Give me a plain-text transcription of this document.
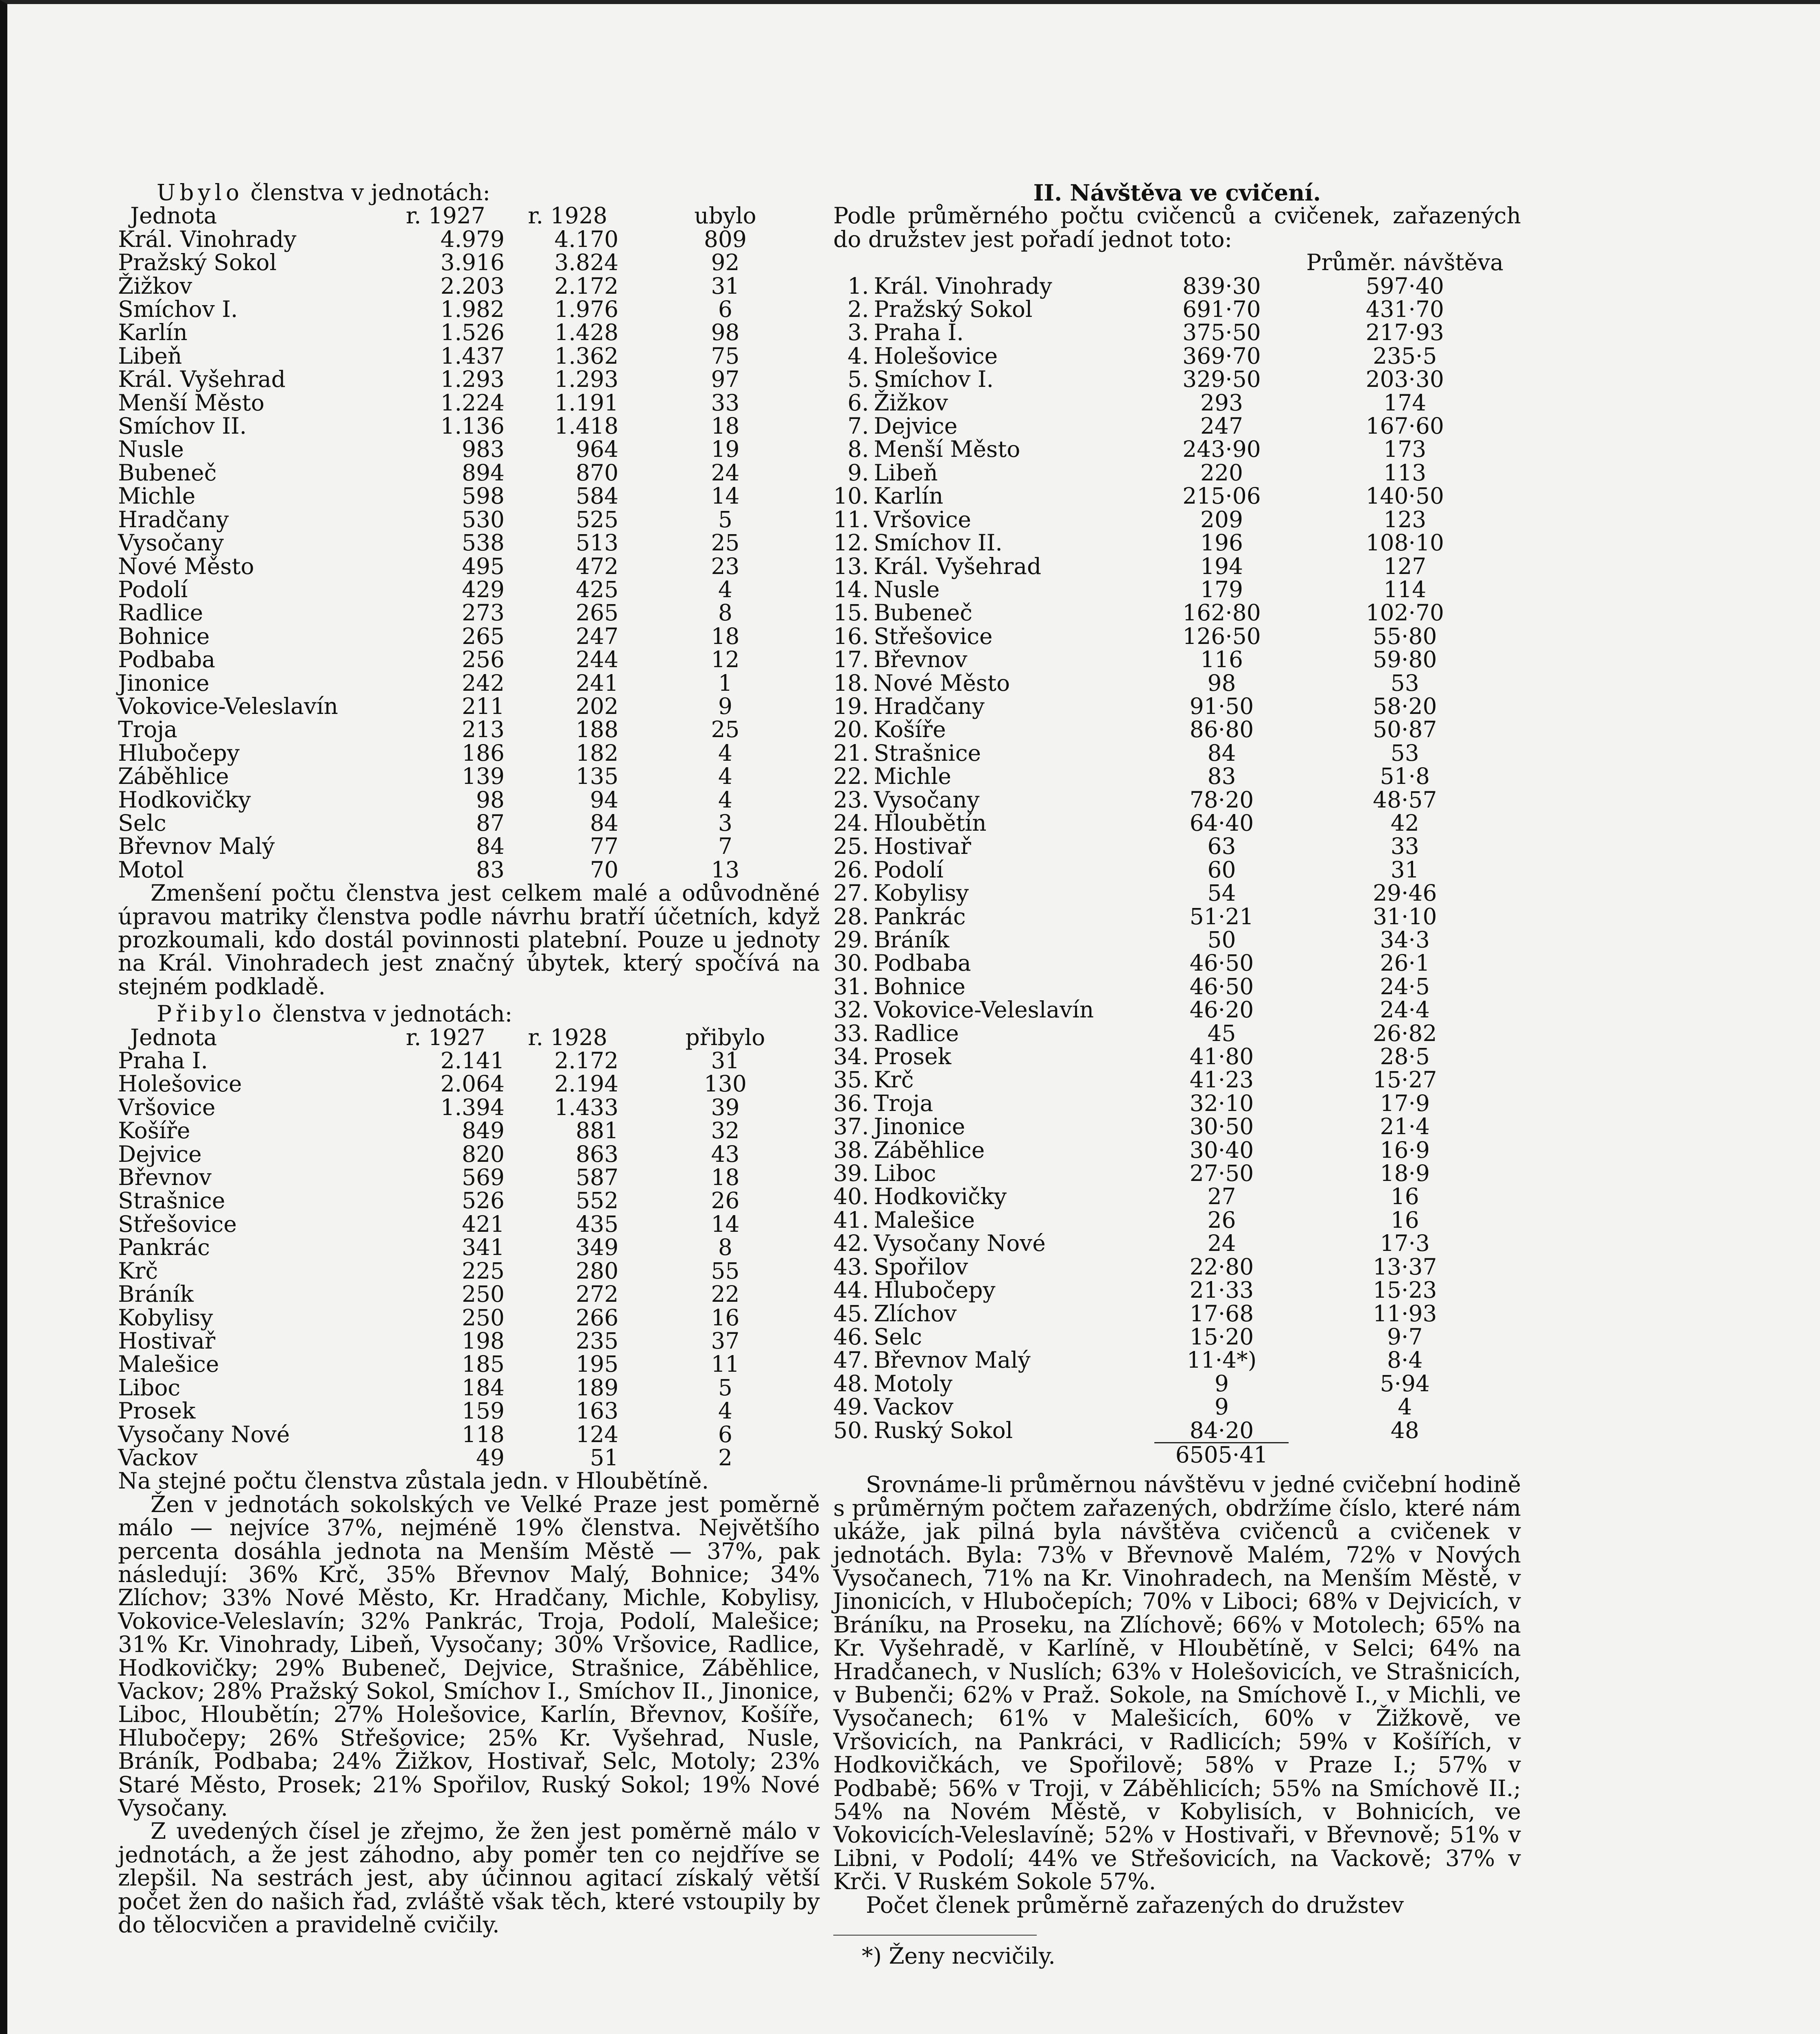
Ubylo členstva v jednotách:
Jednota	r. 1927	r. 1928	ubylo
Král. Vinohrady	4.979	4.170	809
Pražský Sokol	3.916	3.824	92
Žižkov	2.203	2.172	31
Smíchov I.	1.982	1.976	6
Karlín	1.526	1.428	98
Libeň	1.437	1.362	75
Král. Vyšehrad	1.293	1.293	97
Menší Město	1.224	1.191	33
Smíchov II.	1.136	1.418	18
Nusle	983	964	19
Bubeneč	894	870	24
Michle	598	584	14
Hradčany	530	525	5
Vysočany	538	513	25
Nové Město	495	472	23
Podolí	429	425	4
Radlice	273	265	8
Bohnice	265	247	18
Podbaba	256	244	12
Jinonice	242	241	1
Vokovice-Veleslavín	211	202	9
Troja	213	188	25
Hlubočepy	186	182	4
Záběhlice	139	135	4
Hodkovičky	98	94	4
Selc	87	84	3
Břevnov Malý	84	77	7
Motol	83	70	13

Zmenšení počtu členstva jest celkem malé a odůvodněné úpravou matriky členstva podle návrhu bratří účetních, když prozkoumali, kdo dostál povinnosti platební. Pouze u jednoty na Král. Vinohradech jest značný úbytek, který spočívá na stejném podkladě.

Přibylo členstva v jednotách:
Jednota	r. 1927	r. 1928	přibylo
Praha I.	2.141	2.172	31
Holešovice	2.064	2.194	130
Vršovice	1.394	1.433	39
Košíře	849	881	32
Dejvice	820	863	43
Břevnov	569	587	18
Strašnice	526	552	26
Střešovice	421	435	14
Pankrác	341	349	8
Krč	225	280	55
Bráník	250	272	22
Kobylisy	250	266	16
Hostivař	198	235	37
Malešice	185	195	11
Liboc	184	189	5
Prosek	159	163	4
Vysočany Nové	118	124	6
Vackov	49	51	2

Na stejné počtu členstva zůstala jedn. v Hloubětíně.

Žen v jednotách sokolských ve Velké Praze jest poměrně málo — nejvíce 37%, nejméně 19% členstva. Největšího percenta dosáhla jednota na Menším Městě — 37%, pak následují: 36% Krč, 35% Břevnov Malý, Bohnice; 34% Zlíchov; 33% Nové Město, Kr. Hradčany, Michle, Kobylisy, Vokovice-Veleslavín; 32% Pankrác, Troja, Podolí, Malešice; 31% Kr. Vinohrady, Libeň, Vysočany; 30% Vršovice, Radlice, Hodkovičky; 29% Bubeneč, Dejvice, Strašnice, Záběhlice, Vackov; 28% Pražský Sokol, Smíchov I., Smíchov II., Jinonice, Liboc, Hloubětín; 27% Holešovice, Karlín, Břevnov, Košíře, Hlubočepy; 26% Střešovice; 25% Kr. Vyšehrad, Nusle, Bráník, Podbaba; 24% Žižkov, Hostivař, Selc, Motoly; 23% Staré Město, Prosek; 21% Spořilov, Ruský Sokol; 19% Nové Vysočany.

Z uvedených čísel je zřejmo, že žen jest poměrně málo v jednotách, a že jest záhodno, aby poměr ten co nejdříve se zlepšil. Na sestrách jest, aby účinnou agitací získalý větší počet žen do našich řad, zvláště však těch, které vstoupily by do tělocvičen a pravidelně cvičily.

II. Návštěva ve cvičení.

Podle průměrného počtu cvičenců a cvičenek, zařazených do družstev jest pořadí jednot toto:

			Průměr. návštěva
1.	Král. Vinohrady	839·30	597·40
2.	Pražský Sokol	691·70	431·70
3.	Praha I.	375·50	217·93
4.	Holešovice	369·70	235·5
5.	Smíchov I.	329·50	203·30
6.	Žižkov	293	174
7.	Dejvice	247	167·60
8.	Menší Město	243·90	173
9.	Libeň	220	113
10.	Karlín	215·06	140·50
11.	Vršovice	209	123
12.	Smíchov II.	196	108·10
13.	Král. Vyšehrad	194	127
14.	Nusle	179	114
15.	Bubeneč	162·80	102·70
16.	Střešovice	126·50	55·80
17.	Břevnov	116	59·80
18.	Nové Město	98	53
19.	Hradčany	91·50	58·20
20.	Košíře	86·80	50·87
21.	Strašnice	84	53
22.	Michle	83	51·8
23.	Vysočany	78·20	48·57
24.	Hloubětín	64·40	42
25.	Hostivař	63	33
26.	Podolí	60	31
27.	Kobylisy	54	29·46
28.	Pankrác	51·21	31·10
29.	Bráník	50	34·3
30.	Podbaba	46·50	26·1
31.	Bohnice	46·50	24·5
32.	Vokovice-Veleslavín	46·20	24·4
33.	Radlice	45	26·82
34.	Prosek	41·80	28·5
35.	Krč	41·23	15·27
36.	Troja	32·10	17·9
37.	Jinonice	30·50	21·4
38.	Záběhlice	30·40	16·9
39.	Liboc	27·50	18·9
40.	Hodkovičky	27	16
41.	Malešice	26	16
42.	Vysočany Nové	24	17·3
43.	Spořilov	22·80	13·37
44.	Hlubočepy	21·33	15·23
45.	Zlíchov	17·68	11·93
46.	Selc	15·20	9·7
47.	Břevnov Malý	11·4*)	8·4
48.	Motoly	9	5·94
49.	Vackov	9	4
50.	Ruský Sokol	84·20	48
		6505·41	

Srovnáme-li průměrnou návštěvu v jedné cvičební hodině s průměrným počtem zařazených, obdržíme číslo, které nám ukáže, jak pilná byla návštěva cvičenců a cvičenek v jednotách. Byla: 73% v Břevnově Malém, 72% v Nových Vysočanech, 71% na Kr. Vinohradech, na Menším Městě, v Jinonicích, v Hlubočepích; 70% v Liboci; 68% v Dejvicích, v Bráníku, na Proseku, na Zlíchově; 66% v Motolech; 65% na Kr. Vyšehradě, v Karlíně, v Hloubětíně, v Selci; 64% na Hradčanech, v Nuslích; 63% v Holešovicích, ve Strašnicích, v Bubenči; 62% v Praž. Sokole, na Smíchově I., v Michli, ve Vysočanech; 61% v Malešicích, 60% v Žižkově, ve Vršovicích, na Pankráci, v Radlicích; 59% v Košířích, v Hodkovičkách, ve Spořilově; 58% v Praze I.; 57% v Podbabě; 56% v Troji, v Záběhlicích; 55% na Smíchově II.; 54% na Novém Městě, v Kobylisích, v Bohnicích, ve Vokovicích-Veleslavíně; 52% v Hostivaři, v Břevnově; 51% v Libni, v Podolí; 44% ve Střešovicích, na Vackově; 37% v Krči. V Ruském Sokole 57%.

Počet členek průměrně zařazených do družstev

*) Ženy necvičily.
